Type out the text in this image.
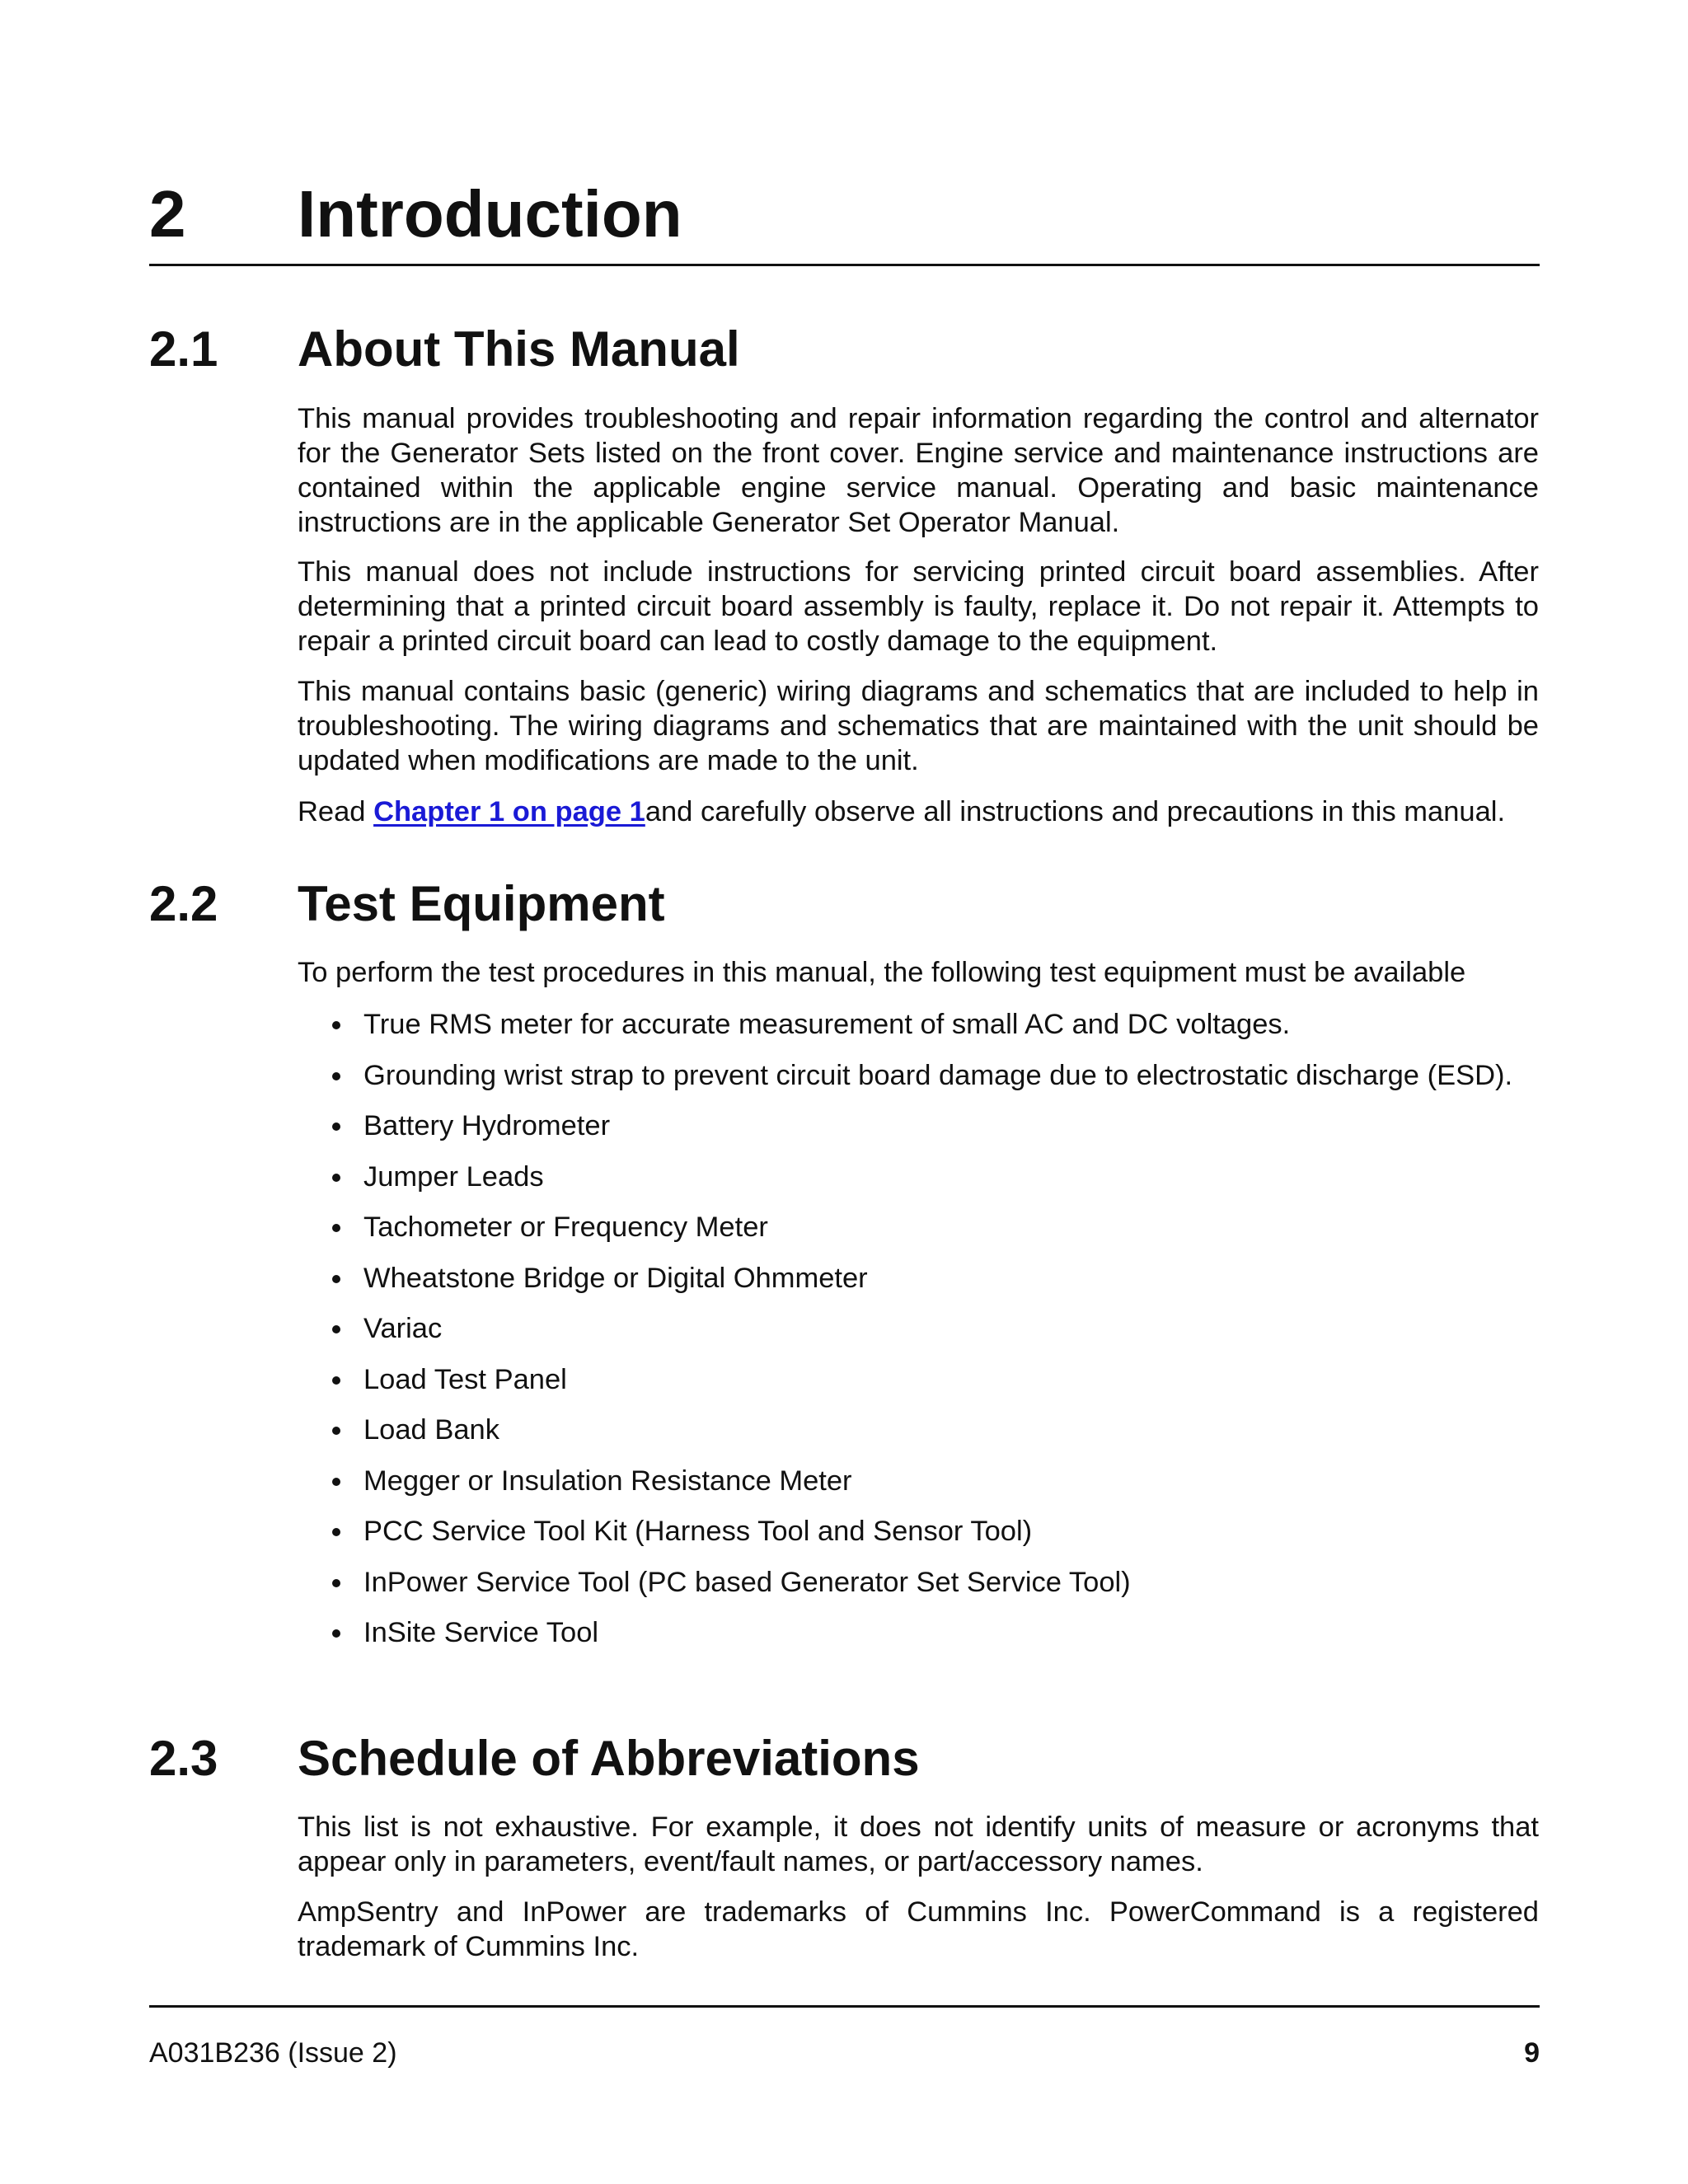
2 Introduction
2.1 About This Manual

This manual provides troubleshooting and repair information regarding the control and alternator for the Generator Sets listed on the front cover. Engine service and maintenance instructions are contained within the applicable engine service manual. Operating and basic maintenance instructions are in the applicable Generator Set Operator Manual.

This manual does not include instructions for servicing printed circuit board assemblies. After determining that a printed circuit board assembly is faulty, replace it. Do not repair it. Attempts to repair a printed circuit board can lead to costly damage to the equipment.

This manual contains basic (generic) wiring diagrams and schematics that are included to help in troubleshooting. The wiring diagrams and schematics that are maintained with the unit should be updated when modifications are made to the unit.

Read Chapter 1 on page 1and carefully observe all instructions and precautions in this manual.

2.2 Test Equipment

To perform the test procedures in this manual, the following test equipment must be available

True RMS meter for accurate measurement of small AC and DC voltages.
Grounding wrist strap to prevent circuit board damage due to electrostatic discharge (ESD).
Battery Hydrometer
Jumper Leads
Tachometer or Frequency Meter
Wheatstone Bridge or Digital Ohmmeter
Variac
Load Test Panel
Load Bank
Megger or Insulation Resistance Meter
PCC Service Tool Kit (Harness Tool and Sensor Tool)
InPower Service Tool (PC based Generator Set Service Tool)
InSite Service Tool
2.3 Schedule of Abbreviations

This list is not exhaustive. For example, it does not identify units of measure or acronyms that appear only in parameters, event/fault names, or part/accessory names.

AmpSentry and InPower are trademarks of Cummins Inc. PowerCommand is a registered trademark of Cummins Inc.

A031B236 (Issue 2)	9
